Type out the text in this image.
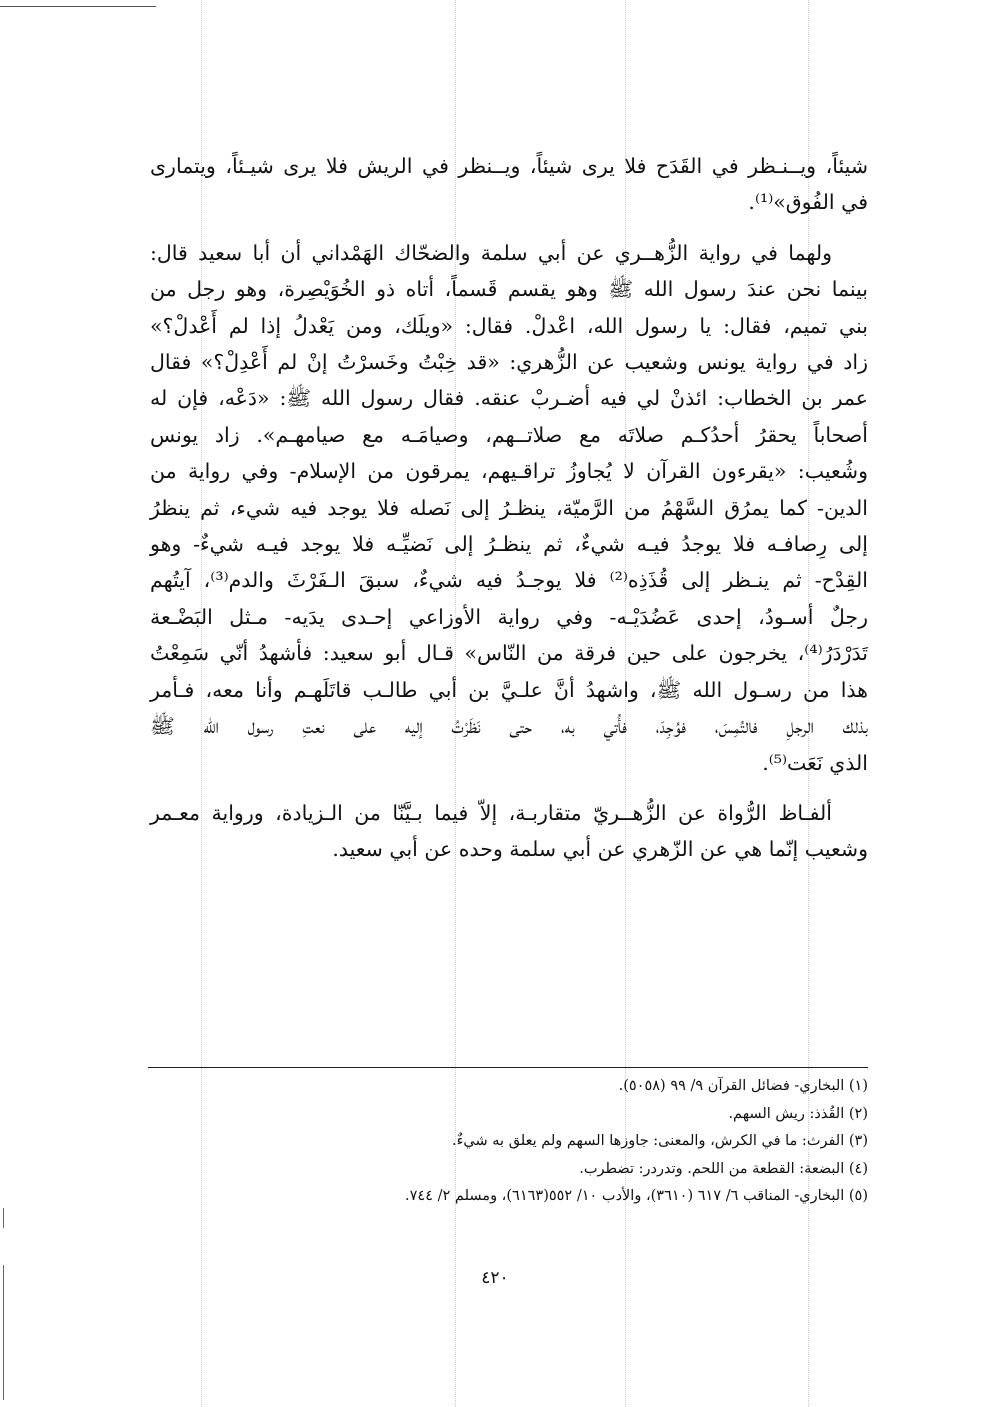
شيئاً، ويــنـظر في القَدَح فلا يرى شيئاً، ويــنظر في الريش فلا يرى شيـئاً، ويتمارى
في الفُوق»⁽¹⁾.

ولهما في رواية الزُّهــري عن أبي سلمة والضحّاك الهَمْداني أن أبا سعيد قال:
بينما نحن عندَ رسول الله ﷺ وهو يقسم قَسماً، أتاه ذو الخُوَيْصِرة، وهو رجل من
بني تميم، فقال: يا رسول الله، اعْدلْ. فقال: «ويلَك، ومن يَعْدلُ إذا لم أَعْدلْ؟»
زاد في رواية يونس وشعيب عن الزُّهري: «قد خِبْتُ وخَسرْتُ إنْ لم أَعْدِلْ؟» فقال
عمر بن الخطاب: ائذنْ لي فيه أضـربْ عنقه. فقال رسول الله ﷺ: «دَعْه، فإن له
أصحاباً يحقرُ أحدُكـم صلاتَه مع صلاتــهم، وصيامَـه مع صيامهـم». زاد يونس
وشُعيب: «يقرءون القرآن لا يُجاوزُ تراقـيهم، يمرقون من الإسلام- وفي رواية من
الدين- كما يمرُق السَّهْمُ من الرَّميّة، ينظـرُ إلى نَصله فلا يوجد فيه شيء، ثم ينظرُ
إلى رِصافـه فلا يوجدُ فيـه شيءٌ، ثم ينظـرُ إلى نَضيِّـه فلا يوجد فيـه شيءٌ- وهو
القِدْح- ثم ينـظر إلى قُذَذِه⁽²⁾ فلا يوجـدُ فيه شيءٌ، سبقَ الـفَرْثَ والدم⁽³⁾، آيتُهم
رجلٌ أسـودُ، إحدى عَضُدَيْـه- وفي رواية الأوزاعي إحـدى يدَيه- مـثل البَضْـعة
تَدَرْدَرُ⁽⁴⁾، يخرجون على حين فرقة من النّاس» قـال أبو سعيد: فأشهدُ أنّي سَمِعْتُ
هذا من رسـول الله ﷺ، واشهدُ أنَّ علـيَّ بن أبي طالـب قاتَلَهـم وأنا معه، فـأمر
بذلك الرجلِ فالتُمِسَ، فوُجِدَ، فأُتي به، حتى نَظَرْتُ إليه على نعتِ رسول الله ﷺ
الذي نَعَت⁽⁵⁾.

ألفـاظ الرُّواة عن الزُّهــريّ متقاربـة، إلاّ فيما بـيَّنّا من الـزيادة، ورواية معـمر
وشعيب إنّما هي عن الزّهري عن أبي سلمة وحده عن أبي سعيد.

(١) البخاري- فضائل القرآن ٩/ ٩٩ (٥٠٥٨).
(٢) القُذذ: ريش السهم.
(٣) الفرث: ما في الكرش، والمعنى: جاوزها السهم ولم يعلق به شيءٌ.
(٤) البضعة: القطعة من اللحم. وتدردر: تضطرب.
(٥) البخاري- المناقب ٦/ ٦١٧ (٣٦١٠)، والأدب ١٠/ ٥٥٢(٦١٦٣)، ومسلم ٢/ ٧٤٤.
٤٢٠
